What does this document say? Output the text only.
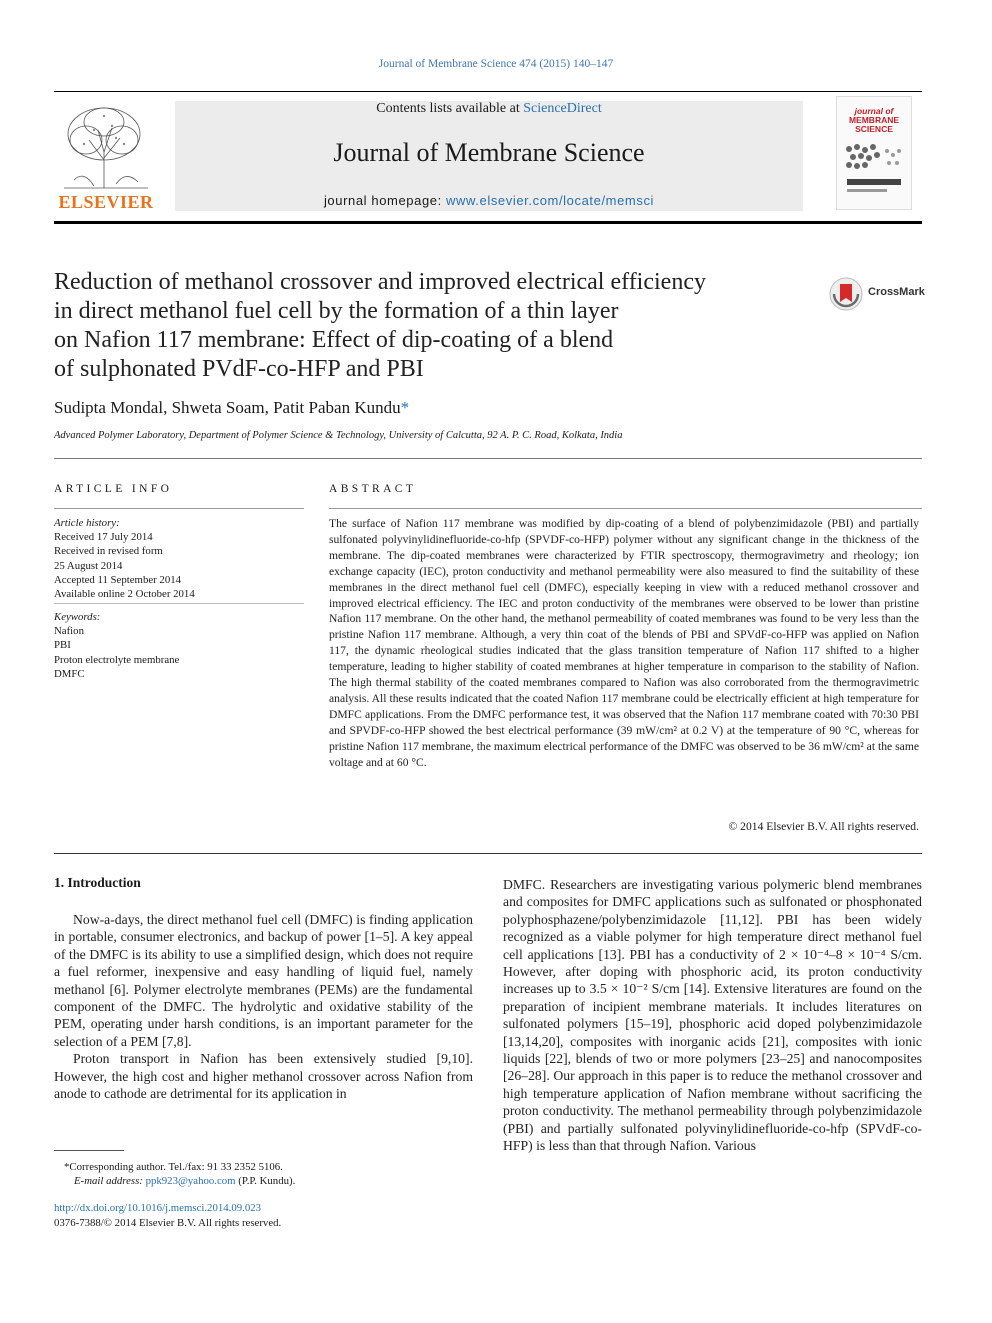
Journal of Membrane Science 474 (2015) 140–147
ELSEVIER
Contents lists available at ScienceDirect
Journal of Membrane Science
journal homepage: www.elsevier.com/locate/memsci
journal of
MEMBRANE
SCIENCE
Reduction of methanol crossover and improved electrical efficiency
in direct methanol fuel cell by the formation of a thin layer
on Nafion 117 membrane: Effect of dip-coating of a blend
of sulphonated PVdF-co-HFP and PBI
CrossMark
Sudipta Mondal, Shweta Soam, Patit Paban Kundu*
Advanced Polymer Laboratory, Department of Polymer Science & Technology, University of Calcutta, 92 A. P. C. Road, Kolkata, India
ARTICLE INFO
Article history:
Received 17 July 2014
Received in revised form
25 August 2014
Accepted 11 September 2014
Available online 2 October 2014
Keywords:
Nafion
PBI
Proton electrolyte membrane
DMFC
ABSTRACT
The surface of Nafion 117 membrane was modified by dip-coating of a blend of polybenzimidazole (PBI) and partially sulfonated polyvinylidinefluoride-co-hfp (SPVDF-co-HFP) polymer without any significant change in the thickness of the membrane. The dip-coated membranes were characterized by FTIR spectroscopy, thermogravimetry and rheology; ion exchange capacity (IEC), proton conductivity and methanol permeability were also measured to find the suitability of these membranes in the direct methanol fuel cell (DMFC), especially keeping in view with a reduced methanol crossover and improved electrical efficiency. The IEC and proton conductivity of the membranes were observed to be lower than pristine Nafion 117 membrane. On the other hand, the methanol permeability of coated membranes was found to be very less than the pristine Nafion 117 membrane. Although, a very thin coat of the blends of PBI and SPVdF-co-HFP was applied on Nafion 117, the dynamic rheological studies indicated that the glass transition temperature of Nafion 117 shifted to a higher temperature, leading to higher stability of coated membranes at higher temperature in comparison to the stability of Nafion. The high thermal stability of the coated membranes compared to Nafion was also corroborated from the thermogravimetric analysis. All these results indicated that the coated Nafion 117 membrane could be electrically efficient at high temperature for DMFC applications. From the DMFC performance test, it was observed that the Nafion 117 membrane coated with 70:30 PBI and SPVDF-co-HFP showed the best electrical performance (39 mW/cm² at 0.2 V) at the temperature of 90 °C, whereas for pristine Nafion 117 membrane, the maximum electrical performance of the DMFC was observed to be 36 mW/cm² at the same voltage and at 60 °C.
© 2014 Elsevier B.V. All rights reserved.
1. Introduction

Now-a-days, the direct methanol fuel cell (DMFC) is finding application in portable, consumer electronics, and backup of power [1–5]. A key appeal of the DMFC is its ability to use a simplified design, which does not require a fuel reformer, inexpensive and easy handling of liquid fuel, namely methanol [6]. Polymer electrolyte membranes (PEMs) are the fundamental component of the DMFC. The hydrolytic and oxidative stability of the PEM, operating under harsh conditions, is an important parameter for the selection of a PEM [7,8].

Proton transport in Nafion has been extensively studied [9,10]. However, the high cost and higher methanol crossover across Nafion from anode to cathode are detrimental for its application in

DMFC. Researchers are investigating various polymeric blend membranes and composites for DMFC applications such as sulfonated or phosphonated polyphosphazene/polybenzimidazole [11,12]. PBI has been widely recognized as a viable polymer for high temperature direct methanol fuel cell applications [13]. PBI has a conductivity of 2 × 10⁻⁴–8 × 10⁻⁴ S/cm. However, after doping with phosphoric acid, its proton conductivity increases up to 3.5 × 10⁻² S/cm [14]. Extensive literatures are found on the preparation of incipient membrane materials. It includes literatures on sulfonated polymers [15–19], phosphoric acid doped polybenzimidazole [13,14,20], composites with inorganic acids [21], composites with ionic liquids [22], blends of two or more polymers [23–25] and nanocomposites [26–28]. Our approach in this paper is to reduce the methanol crossover and high temperature application of Nafion membrane without sacrificing the proton conductivity. The methanol permeability through polybenzimidazole (PBI) and partially sulfonated polyvinylidinefluoride-co-hfp (SPVdF-co-HFP) is less than that through Nafion. Various

*Corresponding author. Tel./fax: 91 33 2352 5106.
E-mail address: ppk923@yahoo.com (P.P. Kundu).
http://dx.doi.org/10.1016/j.memsci.2014.09.023
0376-7388/© 2014 Elsevier B.V. All rights reserved.
